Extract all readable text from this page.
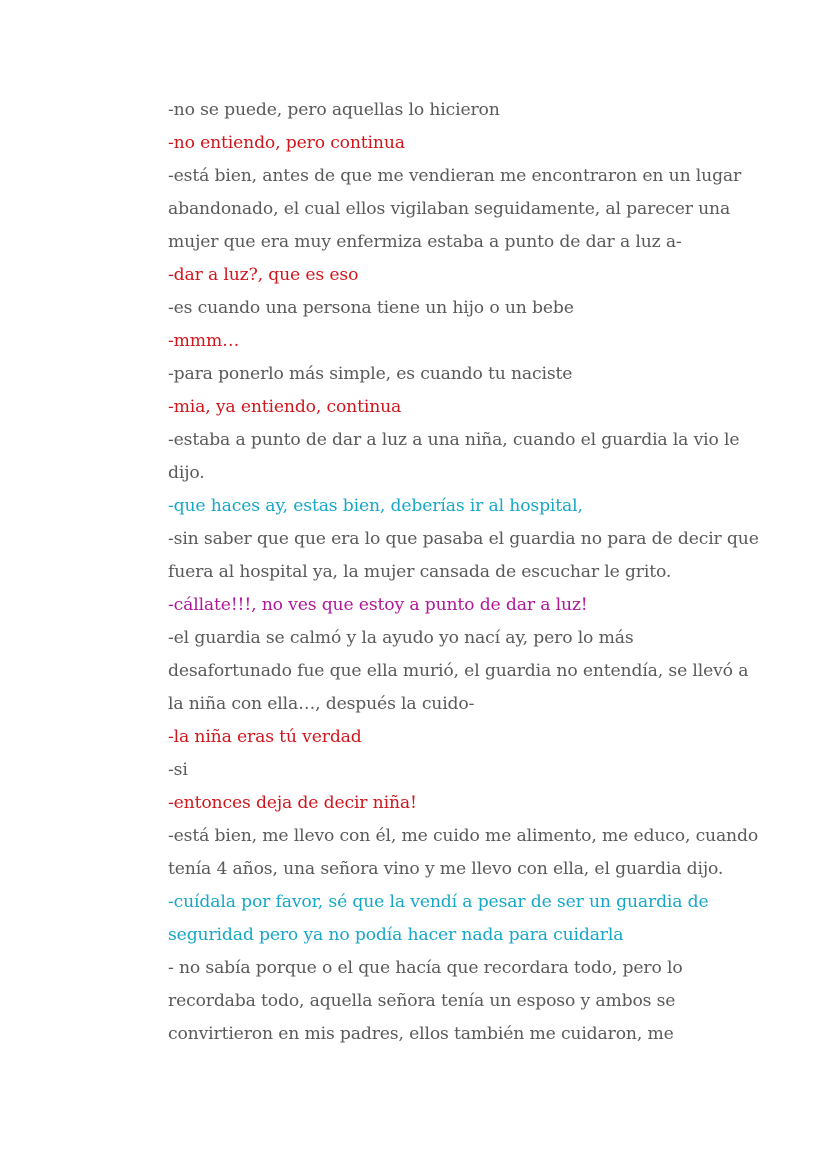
-no se puede, pero aquellas lo hicieron
-no entiendo, pero continua
-está bien, antes de que me vendieran me encontraron en un lugar
abandonado, el cual ellos vigilaban seguidamente, al parecer una
mujer que era muy enfermiza estaba a punto de dar a luz a-
-dar a luz?, que es eso
-es cuando una persona tiene un hijo o un bebe
-mmm…
-para ponerlo más simple, es cuando tu naciste
-mia, ya entiendo, continua
-estaba a punto de dar a luz a una niña, cuando el guardia la vio le
dijo.
-que haces ay, estas bien, deberías ir al hospital,
-sin saber que que era lo que pasaba el guardia no para de decir que
fuera al hospital ya, la mujer cansada de escuchar le grito.
-cállate!!!, no ves que estoy a punto de dar a luz!
-el guardia se calmó y la ayudo yo nací ay, pero lo más
desafortunado fue que ella murió, el guardia no entendía, se llevó a
la niña con ella…, después la cuido-
-la niña eras tú verdad
-si
-entonces deja de decir niña!
-está bien, me llevo con él, me cuido me alimento, me educo, cuando
tenía 4 años, una señora vino y me llevo con ella, el guardia dijo.
-cuídala por favor, sé que la vendí a pesar de ser un guardia de
seguridad pero ya no podía hacer nada para cuidarla
- no sabía porque o el que hacía que recordara todo, pero lo
recordaba todo, aquella señora tenía un esposo y ambos se
convirtieron en mis padres, ellos también me cuidaron, me
